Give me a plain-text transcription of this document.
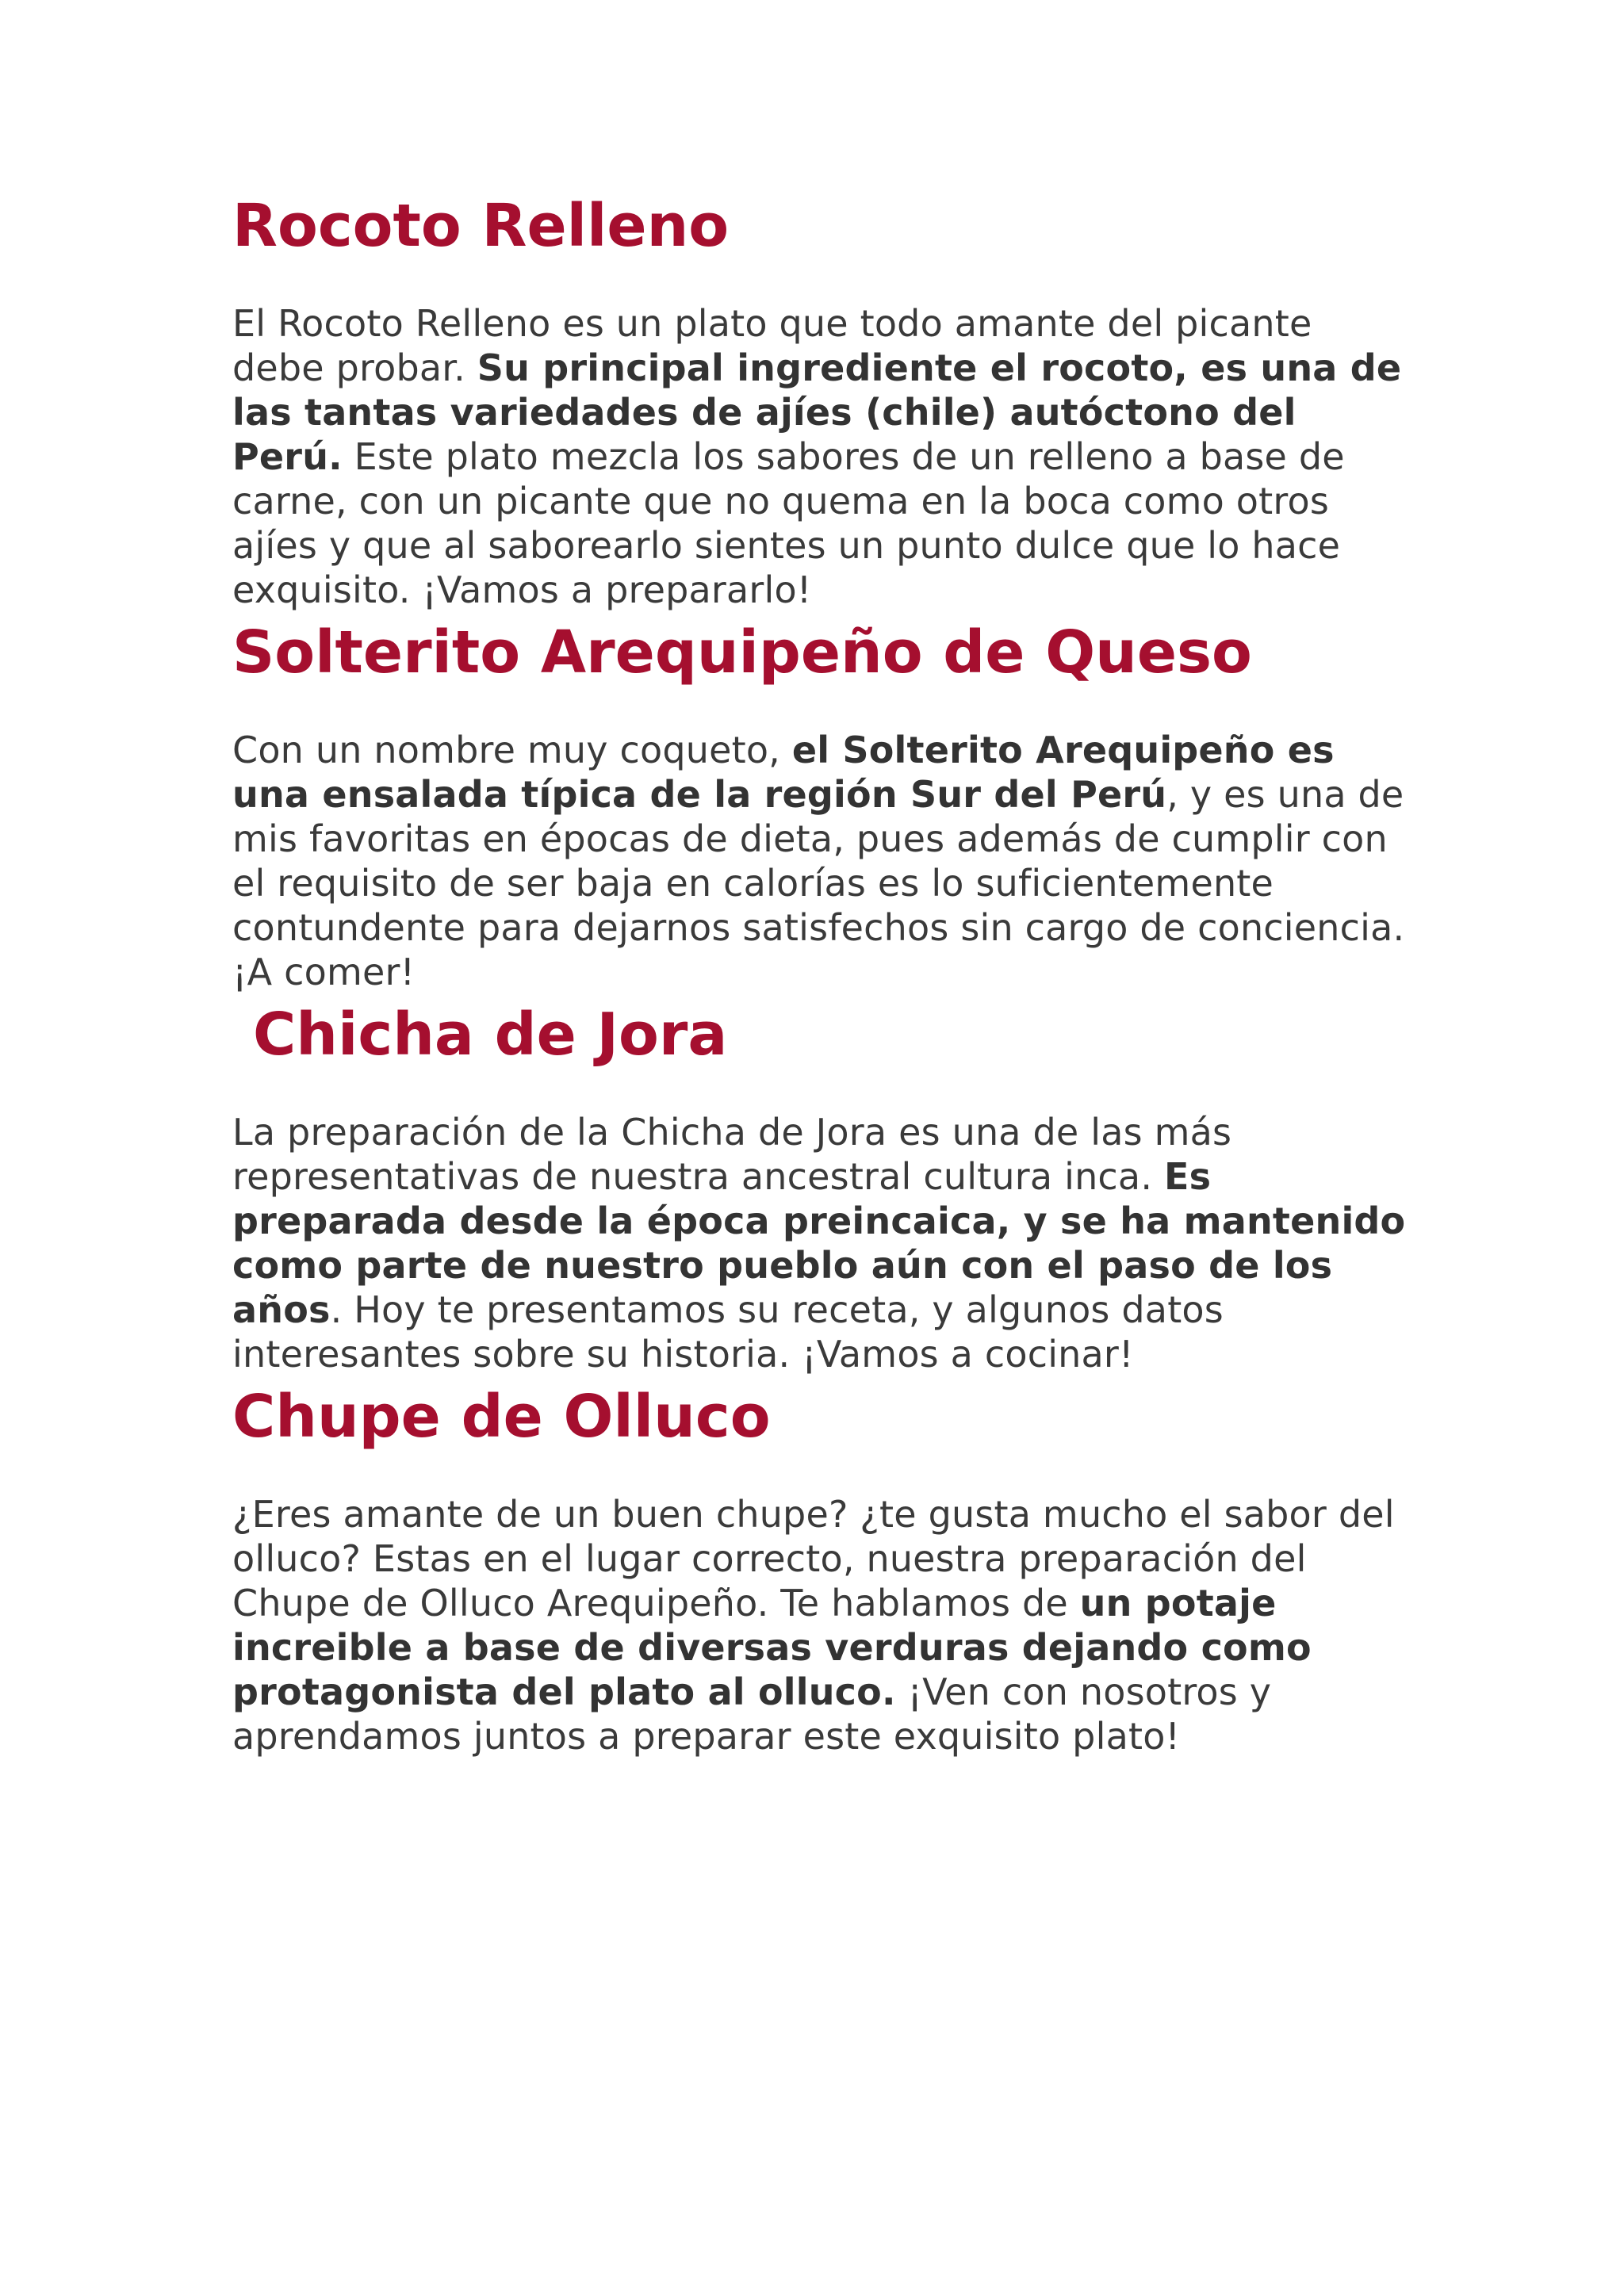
Rocoto Relleno

El Rocoto Relleno es un plato que todo amante del picante debe probar. Su principal ingrediente el rocoto, es una de las tantas variedades de ajíes (chile) autóctono del Perú. Este plato mezcla los sabores de un relleno a base de carne, con un picante que no quema en la boca como otros ajíes y que al saborearlo sientes un punto dulce que lo hace exquisito. ¡Vamos a prepararlo!

Solterito Arequipeño de Queso

Con un nombre muy coqueto, el Solterito Arequipeño es una ensalada típica de la región Sur del Perú, y es una de mis favoritas en épocas de dieta, pues además de cumplir con el requisito de ser baja en calorías es lo suficientemente contundente para dejarnos satisfechos sin cargo de conciencia. ¡A comer!

Chicha de Jora

La preparación de la Chicha de Jora es una de las más representativas de nuestra ancestral cultura inca. Es preparada desde la época preincaica, y se ha mantenido como parte de nuestro pueblo aún con el paso de los años. Hoy te presentamos su receta, y algunos datos interesantes sobre su historia. ¡Vamos a cocinar!

Chupe de Olluco

¿Eres amante de un buen chupe? ¿te gusta mucho el sabor del olluco? Estas en el lugar correcto, nuestra preparación del Chupe de Olluco Arequipeño. Te hablamos de un potaje increible a base de diversas verduras dejando como protagonista del plato al olluco. ¡Ven con nosotros y aprendamos juntos a preparar este exquisito plato!
